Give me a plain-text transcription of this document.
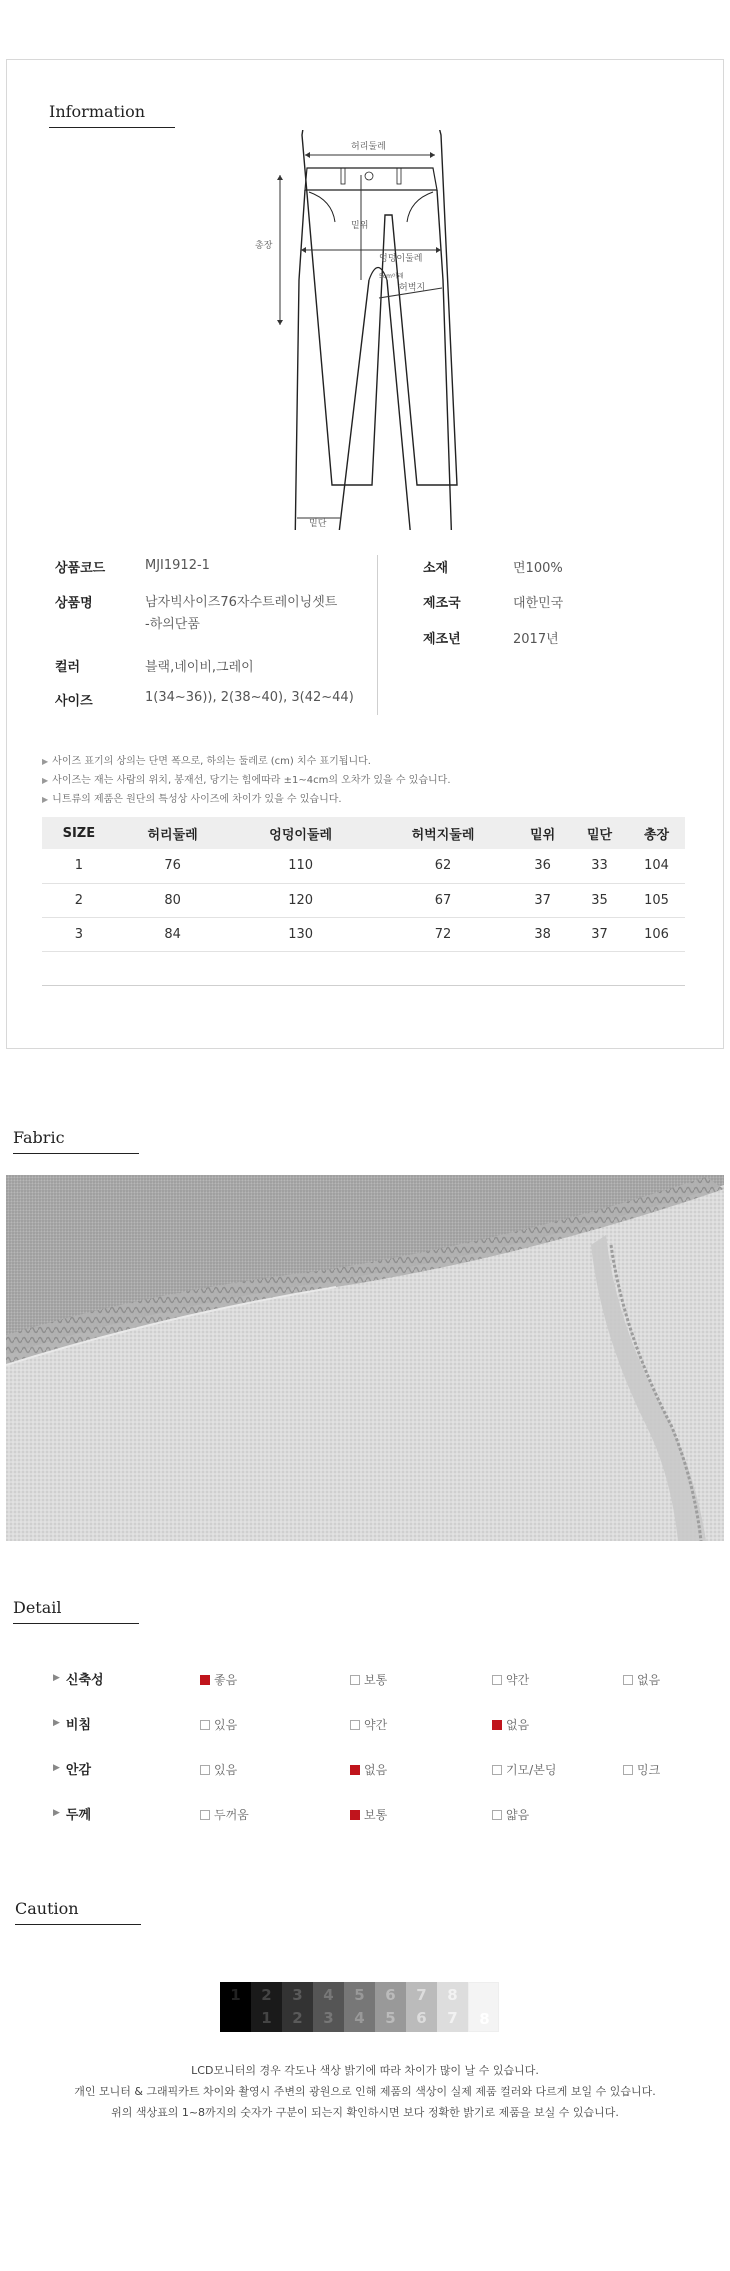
Information
허리둘레
밑위
엉덩이둘레
5cm아래
허벅지
총장
밑단
상품코드	MJI1912-1
상품명	남자빅사이즈76자수트레이닝셋트
-하의단품
컬러	블랙,네이비,그레이
사이즈	1(34~36)), 2(38~40), 3(42~44)
소재	면100%
제조국	대한민국
제조년	2017년
▶ 사이즈 표기의 상의는 단면 폭으로, 하의는 둘레로 (cm) 치수 표기됩니다.
▶ 사이즈는 재는 사람의 위치, 봉재선, 당기는 힘에따라 ±1~4cm의 오차가 있을 수 있습니다.
▶ 니트류의 제품은 원단의 특성상 사이즈에 차이가 있을 수 있습니다.
SIZE	허리둘레	엉덩이둘레	허벅지둘레	밑위	밑단	총장
1	76	110	62	36	33	104
2	80	120	67	37	35	105
3	84	130	72	38	37	106

Fabric
Detail
▶ 신축성	좋음	보통	약간	없음
▶ 비침	있음	약간	없음
▶ 안감	있음	없음	기모/본딩	밍크
▶ 두께	두꺼움	보통	얇음
Caution
1	2
1
3
2
4
3
5
4
6
5
7
6
8
7	8
LCD모니터의 경우 각도나 색상 밝기에 따라 차이가 많이 날 수 있습니다.
개인 모니터 & 그래픽카트 차이와 촬영시 주변의 광원으로 인해 제품의 색상이 실제 제품 컬러와 다르게 보일 수 있습니다.
위의 색상표의 1~8까지의 숫자가 구분이 되는지 확인하시면 보다 정확한 밝기로 제품을 보실 수 있습니다.
